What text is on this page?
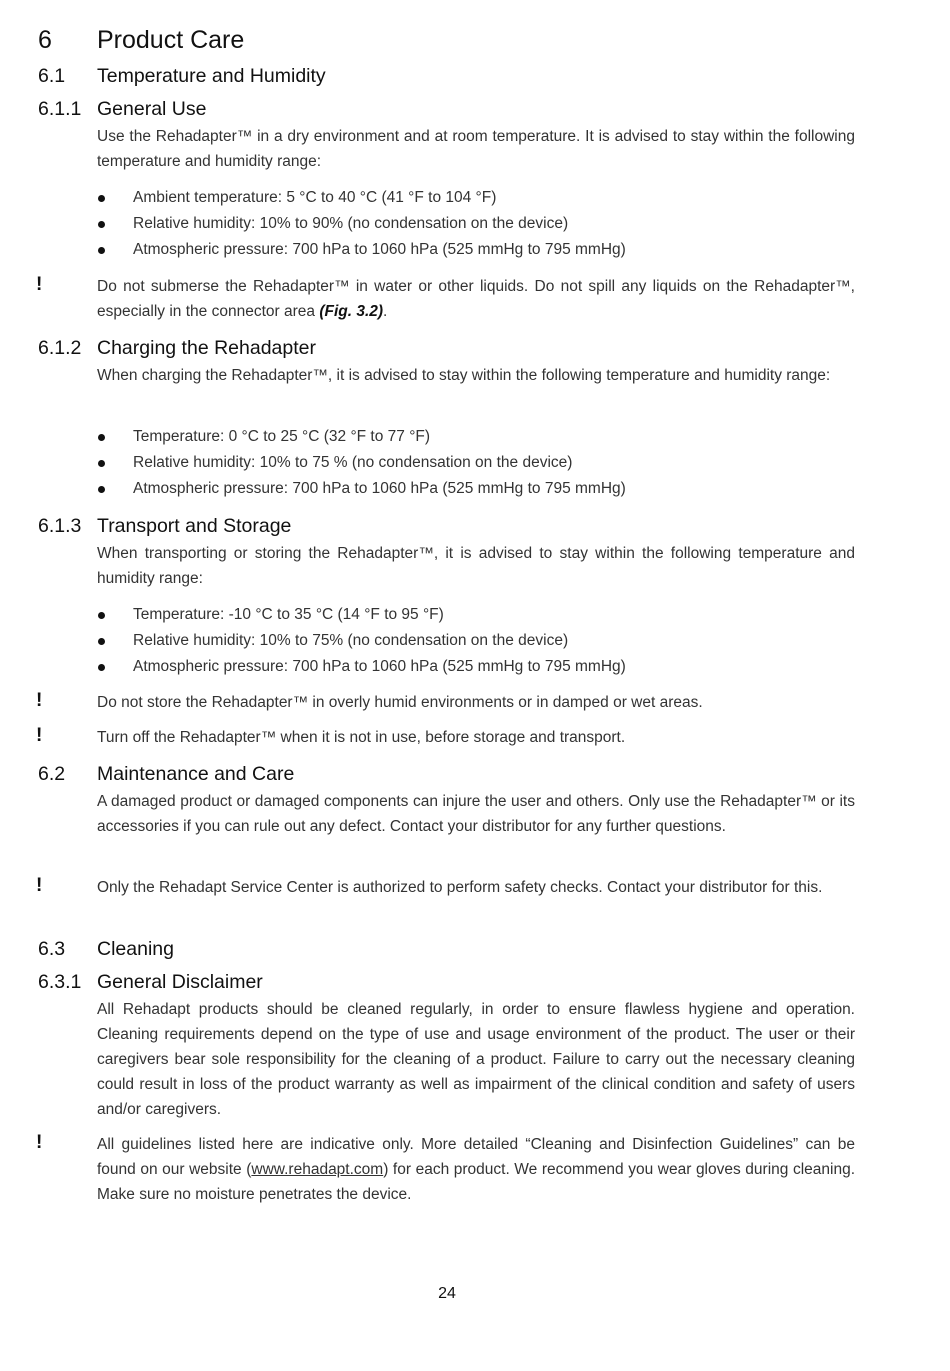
6 Product Care
6.1 Temperature and Humidity
6.1.1 General Use
Use the Rehadapter™ in a dry environment and at room temperature. It is advised to stay within the following temperature and humidity range:
Ambient temperature: 5 °C to 40 °C (41 °F to 104 °F)
Relative humidity: 10% to 90% (no condensation on the device)
Atmospheric pressure: 700 hPa to 1060 hPa (525 mmHg to 795 mmHg)
!	Do not submerse the Rehadapter™ in water or other liquids. Do not spill any liquids on the Rehadapter™, especially in the connector area (Fig. 3.2).
6.1.2 Charging the Rehadapter
When charging the Rehadapter™, it is advised to stay within the following temperature and humidity range:
Temperature: 0 °C to 25 °C (32 °F to 77 °F)
Relative humidity: 10% to 75 % (no condensation on the device)
Atmospheric pressure: 700 hPa to 1060 hPa (525 mmHg to 795 mmHg)
6.1.3 Transport and Storage
When transporting or storing the Rehadapter™, it is advised to stay within the following temperature and humidity range:
Temperature: -10 °C to 35 °C (14 °F to 95 °F)
Relative humidity: 10% to 75% (no condensation on the device)
Atmospheric pressure: 700 hPa to 1060 hPa (525 mmHg to 795 mmHg)
!	Do not store the Rehadapter™ in overly humid environments or in damped or wet areas.
!	Turn off the Rehadapter™ when it is not in use, before storage and transport.
6.2 Maintenance and Care
A damaged product or damaged components can injure the user and others. Only use the Rehadapter™ or its accessories if you can rule out any defect. Contact your distributor for any further questions.
!	Only the Rehadapt Service Center is authorized to perform safety checks. Contact your distributor for this.
6.3 Cleaning
6.3.1 General Disclaimer
All Rehadapt products should be cleaned regularly, in order to ensure flawless hygiene and operation. Cleaning requirements depend on the type of use and usage environment of the product. The user or their caregivers bear sole responsibility for the cleaning of a product. Failure to carry out the necessary cleaning could result in loss of the product warranty as well as impairment of the clinical condition and safety of users and/or caregivers.
!	All guidelines listed here are indicative only. More detailed “Cleaning and Disinfection Guidelines” can be found on our website (www.rehadapt.com) for each product. We recommend you wear gloves during cleaning. Make sure no moisture penetrates the device.
24
